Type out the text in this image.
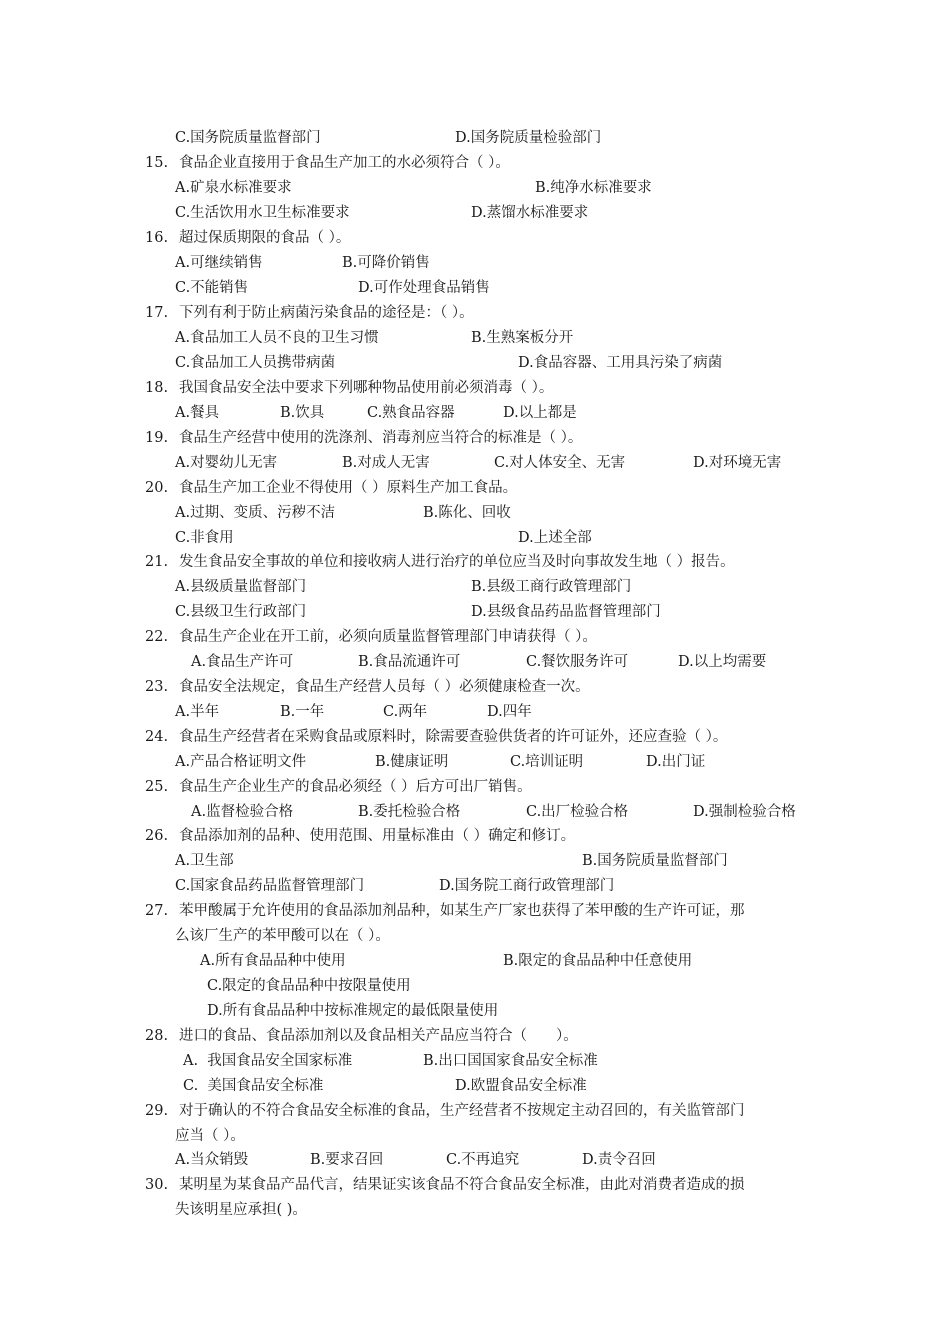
C.国务院质量监督部门	D.国务院质量检验部门
15. 食品企业直接用于食品生产加工的水必须符合（ ）。
A.矿泉水标准要求	B.纯净水标准要求
C.生活饮用水卫生标准要求	D.蒸馏水标准要求
16. 超过保质期限的食品（ ）。
A.可继续销售	B.可降价销售
C.不能销售	D.可作处理食品销售
17. 下列有利于防止病菌污染食品的途径是：（ ）。
A.食品加工人员不良的卫生习惯	B.生熟案板分开
C.食品加工人员携带病菌	D.食品容器、工用具污染了病菌
18. 我国食品安全法中要求下列哪种物品使用前必须消毒（ ）。
A.餐具	B.饮具	C.熟食品容器	D.以上都是
19. 食品生产经营中使用的洗涤剂、消毒剂应当符合的标准是（ ）。
A.对婴幼儿无害	B.对成人无害	C.对人体安全、无害	D.对环境无害
20. 食品生产加工企业不得使用（ ）原料生产加工食品。
A.过期、变质、污秽不洁	B.陈化、回收
C.非食用	D.上述全部
21. 发生食品安全事故的单位和接收病人进行治疗的单位应当及时向事故发生地（ ）报告。
A.县级质量监督部门	B.县级工商行政管理部门
C.县级卫生行政部门	D.县级食品药品监督管理部门
22. 食品生产企业在开工前，必须向质量监督管理部门申请获得（ ）。
A.食品生产许可	B.食品流通许可	C.餐饮服务许可	D.以上均需要
23. 食品安全法规定，食品生产经营人员每（ ）必须健康检查一次。
A.半年	B.一年	C.两年	D.四年
24. 食品生产经营者在采购食品或原料时，除需要查验供货者的许可证外，还应查验（ ）。
A.产品合格证明文件	B.健康证明	C.培训证明	D.出门证
25. 食品生产企业生产的食品必须经（ ）后方可出厂销售。
A.监督检验合格	B.委托检验合格	C.出厂检验合格	D.强制检验合格
26. 食品添加剂的品种、使用范围、用量标准由（ ）确定和修订。
A.卫生部	B.国务院质量监督部门
C.国家食品药品监督管理部门	D.国务院工商行政管理部门
27. 苯甲酸属于允许使用的食品添加剂品种，如某生产厂家也获得了苯甲酸的生产许可证，那
么该厂生产的苯甲酸可以在（ ）。
A.所有食品品种中使用	B.限定的食品品种中任意使用
C.限定的食品品种中按限量使用
D.所有食品品种中按标准规定的最低限量使用
28. 进口的食品、食品添加剂以及食品相关产品应当符合（　　）。
A.  我国食品安全国家标准	B.出口国国家食品安全标准
C.  美国食品安全标准	D.欧盟食品安全标准
29. 对于确认的不符合食品安全标准的食品，生产经营者不按规定主动召回的，有关监管部门
应当（ ）。
A.当众销毁	B.要求召回	C.不再追究	D.责令召回
30. 某明星为某食品产品代言，结果证实该食品不符合食品安全标准，由此对消费者造成的损
失该明星应承担( )。
